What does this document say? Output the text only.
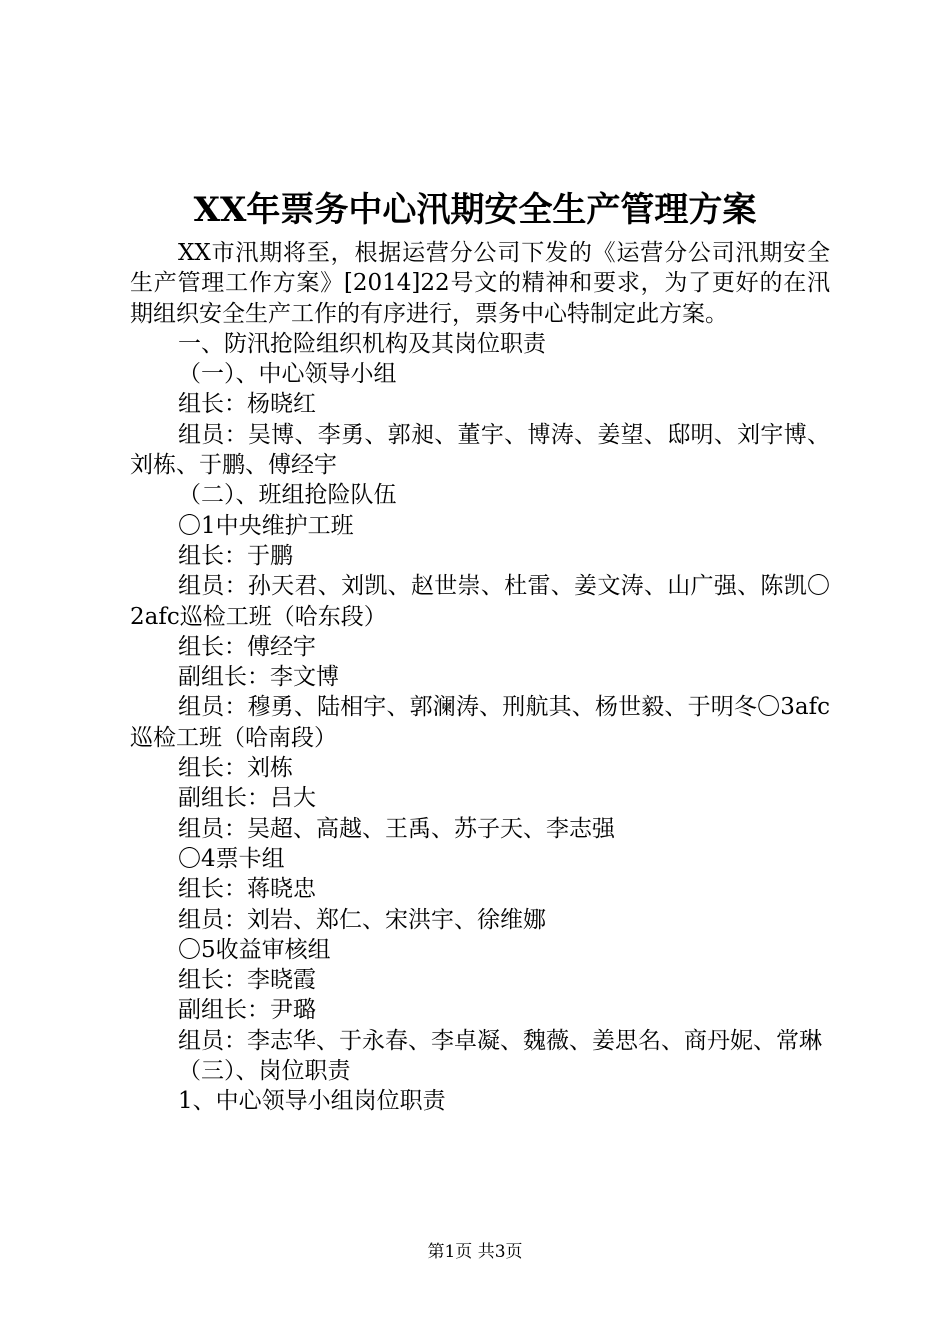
XX年票务中心汛期安全生产管理方案

XX市汛期将至，根据运营分公司下发的《运营分公司汛期安全生产管理工作方案》[2014]22号文的精神和要求，为了更好的在汛期组织安全生产工作的有序进行，票务中心特制定此方案。

一、防汛抢险组织机构及其岗位职责

（一）、中心领导小组

组长：杨晓红

组员：吴博、李勇、郭昶、董宇、博涛、姜望、邸明、刘宇博、刘栋、于鹏、傅经宇

（二）、班组抢险队伍

〇1中央维护工班

组长：于鹏

组员：孙天君、刘凯、赵世崇、杜雷、姜文涛、山广强、陈凯〇2afc巡检工班（哈东段）

组长：傅经宇

副组长：李文博

组员：穆勇、陆相宇、郭澜涛、刑航其、杨世毅、于明冬〇3afc巡检工班（哈南段）

组长：刘栋

副组长：吕大

组员：吴超、高越、王禹、苏子天、李志强

〇4票卡组

组长：蒋晓忠

组员：刘岩、郑仁、宋洪宇、徐维娜

〇5收益审核组

组长：李晓霞

副组长：尹璐

组员：李志华、于永春、李卓凝、魏薇、姜思名、商丹妮、常琳

（三）、岗位职责

1、中心领导小组岗位职责

第1页 共3页
